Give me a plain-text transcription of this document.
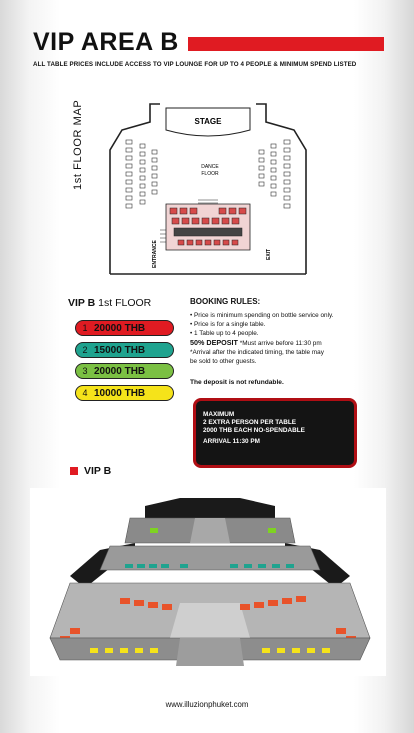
VIP AREA B
ALL TABLE PRICES INCLUDE ACCESS TO VIP LOUNGE FOR UP TO 4 PEOPLE & MINIMUM SPEND LISTED
1st FLOOR MAP	STAGE
DANCE
FLOOR
ENTRANCE	EXIT
VIP B 1st FLOOR
1 20000 THB
2 15000 THB
3 20000 THB
4 10000 THB
BOOKING RULES:
• Price is minimum spending on bottle service only.
• Price is for a single table.
• 1 Table up to 4 people.
50% DEPOSIT *Must arrive before 11:30 pm
*Arrival after the indicated timing, the table may
be sold to other guests.
The deposit is not refundable.
MAXIMUM
2 EXTRA PERSON PER TABLE
2000 THB EACH NO-SPENDABLE
ARRIVAL 11:30 PM
VIP B
www.illuzionphuket.com
